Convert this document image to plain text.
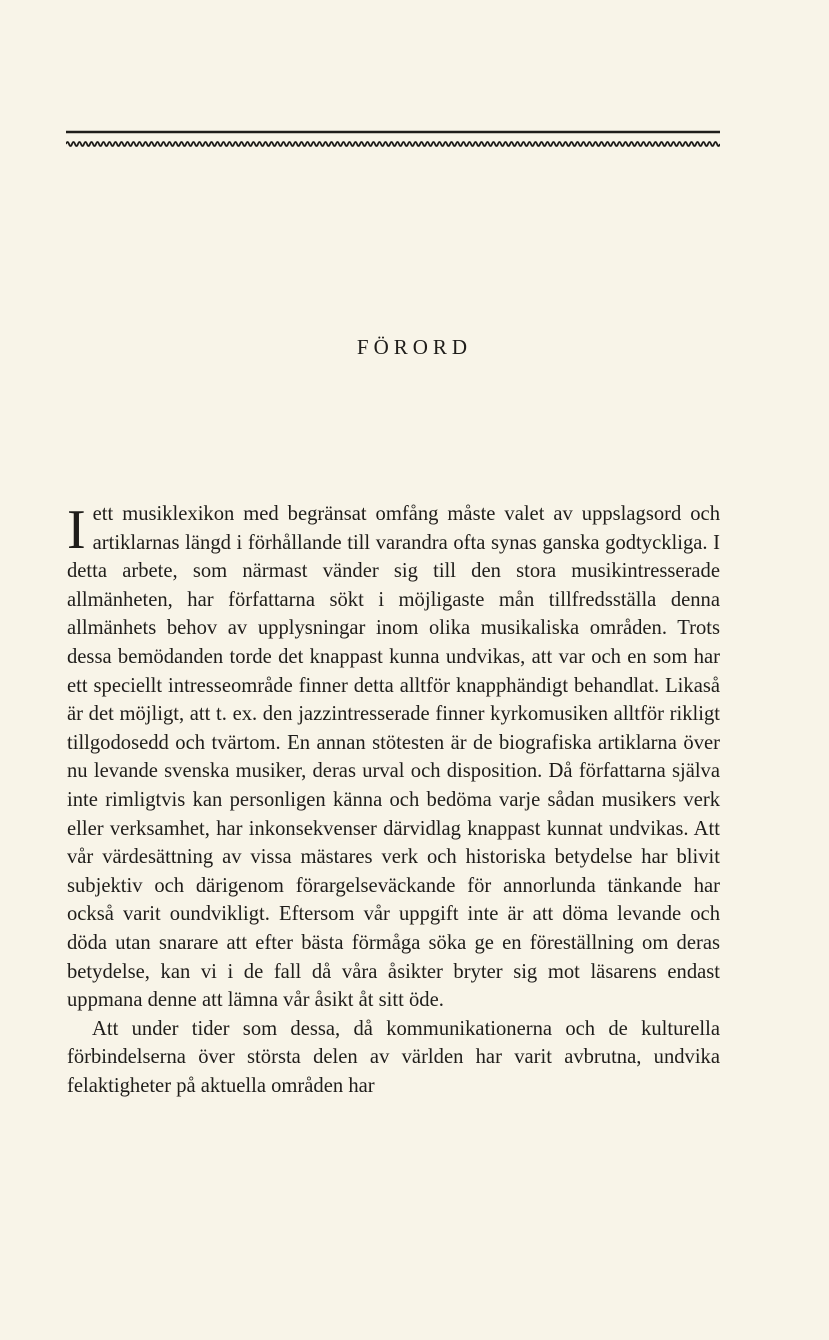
FÖRORD

Iett musiklexikon med begränsat omfång måste valet av uppslagsord och artiklarnas längd i förhållande till varandra ofta synas ganska godtyckliga. I detta arbete, som närmast vänder sig till den stora musikintresserade allmänheten, har författarna sökt i möjligaste mån tillfredsställa denna allmänhets behov av upplysningar inom olika musikaliska områden. Trots dessa bemödanden torde det knappast kunna undvikas, att var och en som har ett speciellt intresseområde finner detta alltför knapphändigt behandlat. Likaså är det möjligt, att t. ex. den jazzintresserade finner kyrkomusiken alltför rikligt tillgodosedd och tvärtom. En annan stötesten är de biografiska artiklarna över nu levande svenska musiker, deras urval och disposition. Då författarna själva inte rimligtvis kan personligen känna och bedöma varje sådan musikers verk eller verksamhet, har inkonsekvenser därvidlag knappast kunnat undvikas. Att vår värdesättning av vissa mästares verk och historiska betydelse har blivit subjektiv och därigenom förargelseväckande för annorlunda tänkande har också varit oundvikligt. Eftersom vår uppgift inte är att döma levande och döda utan snarare att efter bästa förmåga söka ge en föreställning om deras betydelse, kan vi i de fall då våra åsikter bryter sig mot läsarens endast uppmana denne att lämna vår åsikt åt sitt öde.

Att under tider som dessa, då kommunikationerna och de kulturella förbindelserna över största delen av världen har varit avbrutna, undvika felaktigheter på aktuella områden har
